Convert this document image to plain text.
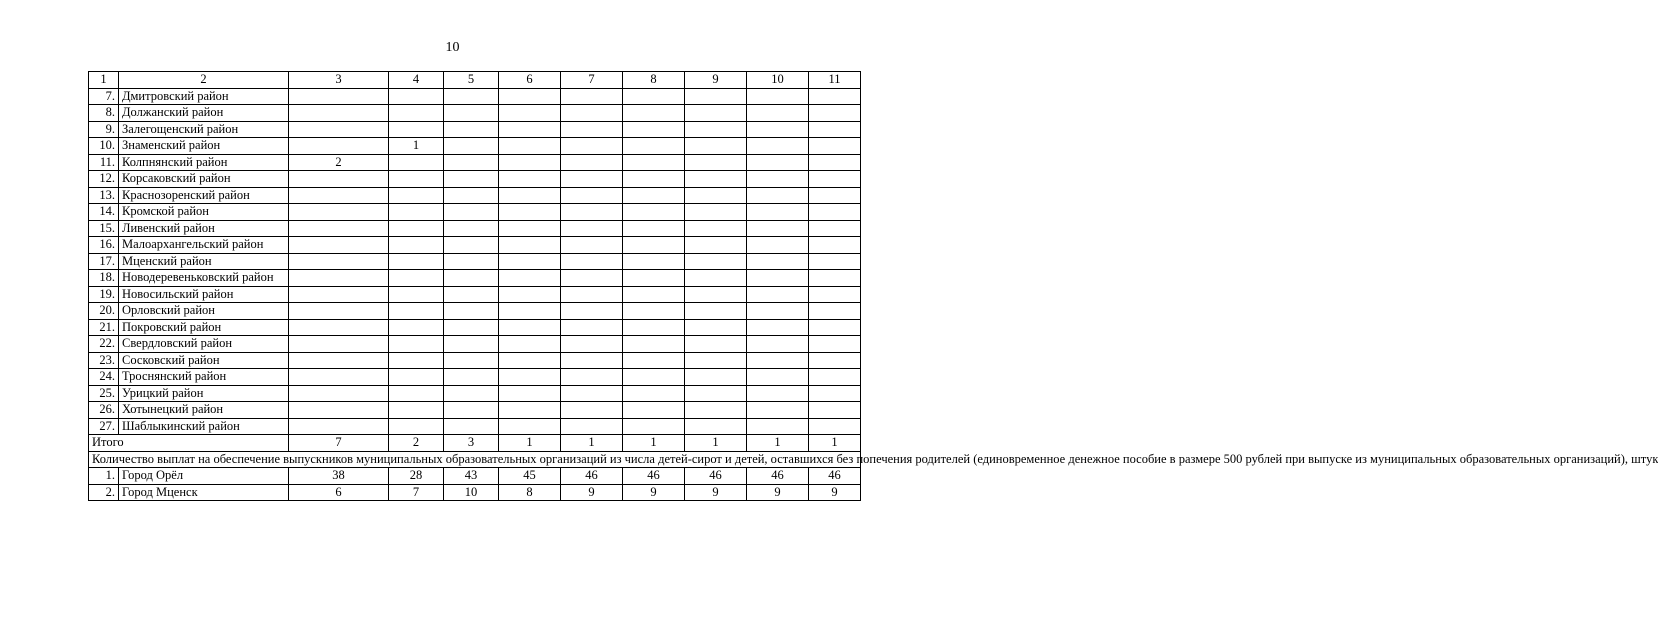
10
1	2	3	4	5	6	7	8	9	10	11
7.	Дмитровский район									
8.	Должанский район									
9.	Залегощенский район									
10.	Знаменский район		1							
11.	Колпнянский район	2								
12.	Корсаковский район									
13.	Краснозоренский район									
14.	Кромской район									
15.	Ливенский район									
16.	Малоархангельский район									
17.	Мценский район									
18.	Новодеревеньковский район									
19.	Новосильский район									
20.	Орловский район									
21.	Покровский район									
22.	Свердловский район									
23.	Сосковский район									
24.	Троснянский район									
25.	Урицкий район									
26.	Хотынецкий район									
27.	Шаблыкинский район									
Итого		7	2	3	1	1	1	1	1	1
Количество выплат на обеспечение выпускников муниципальных образовательных организаций из числа детей-сирот и детей, оставшихся без попечения родителей (единовременное денежное пособие в размере 500 рублей при выпуске из муниципальных образовательных организаций), штук										
1.	Город Орёл	38	28	43	45	46	46	46	46	46
2.	Город Мценск	6	7	10	8	9	9	9	9	9
